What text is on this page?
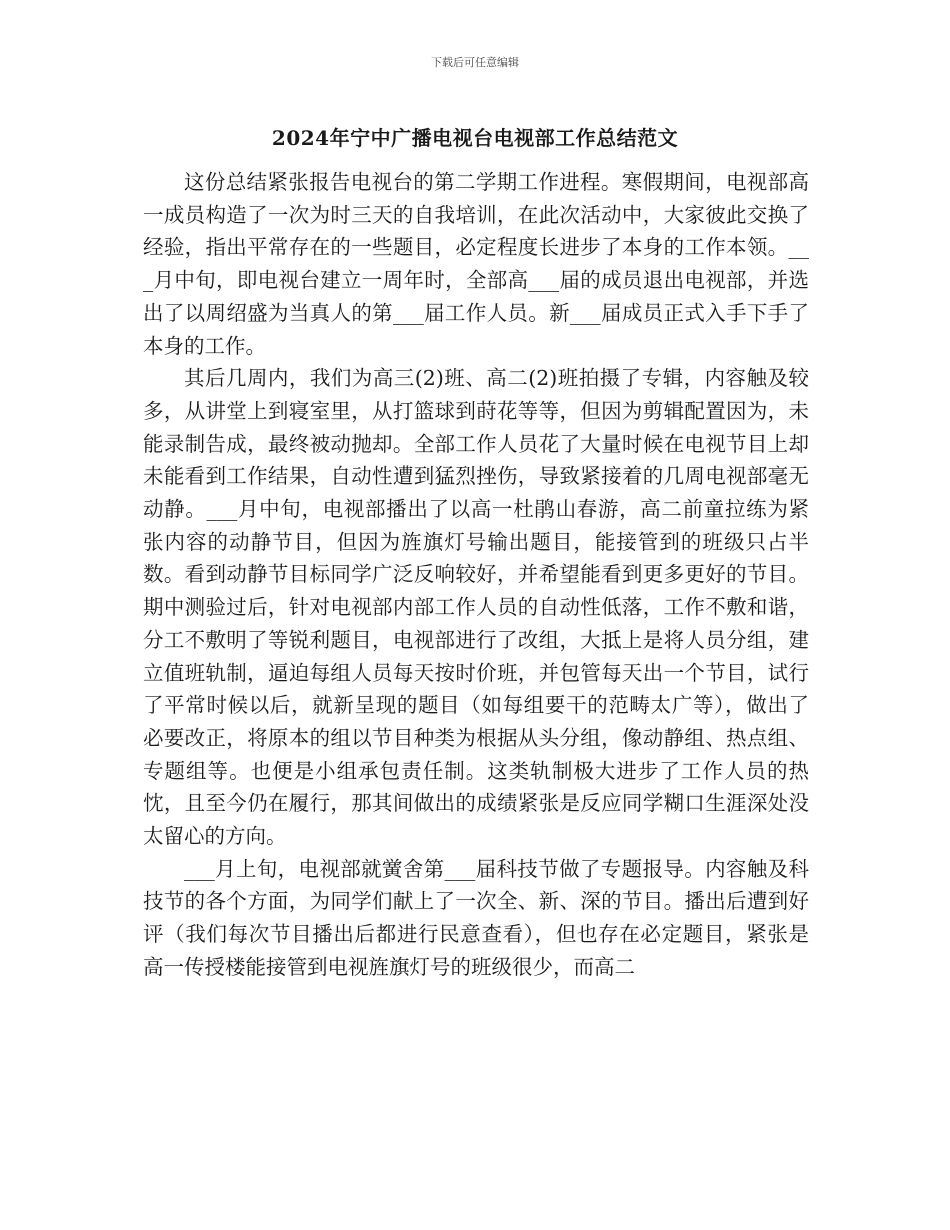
下载后可任意编辑
2024年宁中广播电视台电视部工作总结范文

这份总结紧张报告电视台的第二学期工作进程。寒假期间，电视部高一成员构造了一次为时三天的自我培训，在此次活动中，大家彼此交换了经验，指出平常存在的一些题目，必定程度长进步了本身的工作本领。___月中旬，即电视台建立一周年时，全部高___届的成员退出电视部，并选出了以周绍盛为当真人的第___届工作人员。新___届成员正式入手下手了本身的工作。

其后几周内，我们为高三(2)班、高二(2)班拍摄了专辑，内容触及较多，从讲堂上到寝室里，从打篮球到莳花等等，但因为剪辑配置因为，未能录制告成，最终被动抛却。全部工作人员花了大量时候在电视节目上却未能看到工作结果，自动性遭到猛烈挫伤，导致紧接着的几周电视部毫无动静。___月中旬，电视部播出了以高一杜鹃山春游，高二前童拉练为紧张内容的动静节目，但因为旌旗灯号输出题目，能接管到的班级只占半数。看到动静节目标同学广泛反响较好，并希望能看到更多更好的节目。期中测验过后，针对电视部内部工作人员的自动性低落，工作不敷和谐，分工不敷明了等锐利题目，电视部进行了改组，大抵上是将人员分组，建立值班轨制，逼迫每组人员每天按时价班，并包管每天出一个节目，试行了平常时候以后，就新呈现的题目（如每组要干的范畴太广等），做出了必要改正，将原本的组以节目种类为根据从头分组，像动静组、热点组、专题组等。也便是小组承包责任制。这类轨制极大进步了工作人员的热忱，且至今仍在履行，那其间做出的成绩紧张是反应同学糊口生涯深处没太留心的方向。

___月上旬，电视部就黉舍第___届科技节做了专题报导。内容触及科技节的各个方面，为同学们献上了一次全、新、深的节目。播出后遭到好评（我们每次节目播出后都进行民意查看），但也存在必定题目，紧张是高一传授楼能接管到电视旌旗灯号的班级很少，而高二
